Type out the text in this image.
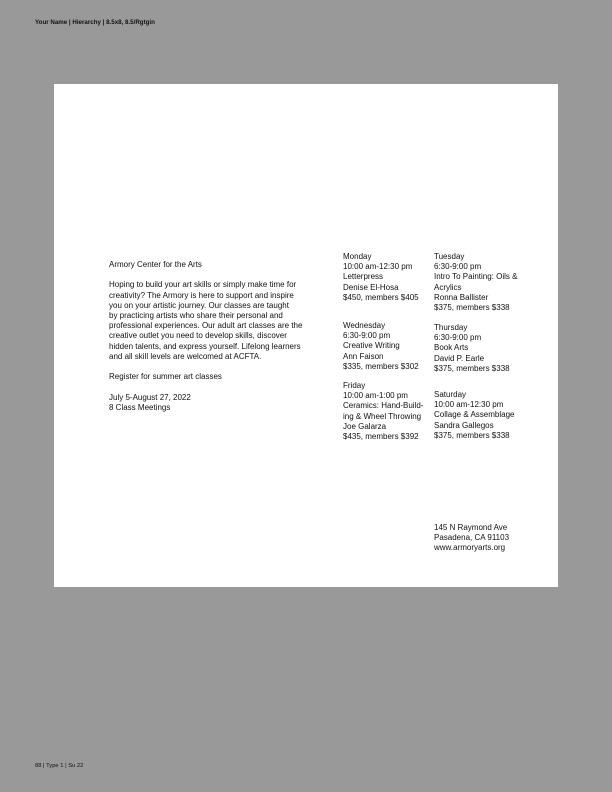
Your Name | Hierarchy | 8.5x8, 8.5/Rgtgin

Armory Center for the Arts

Hoping to build your art skills or simply make time for

creativity? The Armory is here to support and inspire

you on your artistic journey. Our classes are taught

by practicing artists who share their personal and

professional experiences. Our adult art classes are the

creative outlet you need to develop skills, discover

hidden talents, and express yourself. Lifelong learners

and all skill levels are welcomed at ACFTA.

Register for summer art classes

July 5-August 27, 2022

8 Class Meetings

Monday

10:00 am-12:30 pm

Letterpress

Denise El-Hosa

$450, members $405

Wednesday

6:30-9:00 pm

Creative Writing

Ann Faison

$335, members $302

Friday

10:00 am-1:00 pm

Ceramics: Hand-Build-

ing & Wheel Throwing

Joe Galarza

$435, members $392

Tuesday

6:30-9:00 pm

Intro To Painting: Oils &

Acrylics

Ronna Ballister

$375, members $338

Thursday

6:30-9:00 pm

Book Arts

David P. Earle

$375, members $338

Saturday

10:00 am-12:30 pm

Collage & Assemblage

Sandra Gallegos

$375, members $338

145 N Raymond Ave

Pasadena, CA 91103

www.armoryarts.org

88 | Type 1 | Su 22
